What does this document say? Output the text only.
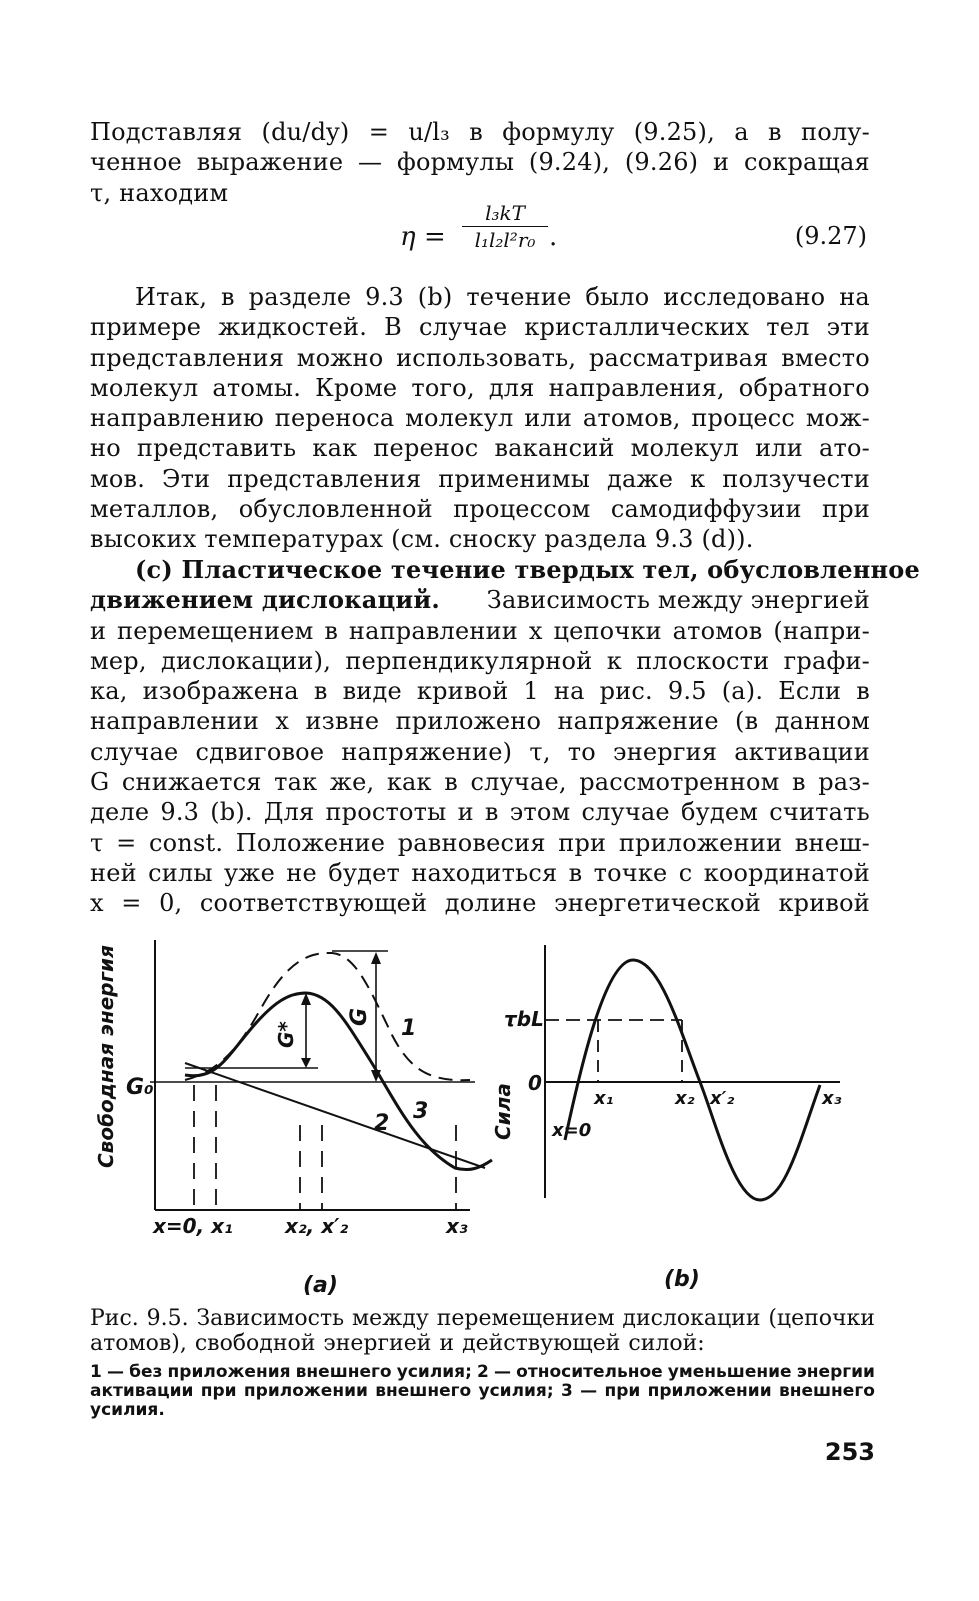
Подставляя (du/dy) = u/l₃ в формулу (9.25), а в полу-
ченное выражение — формулы (9.24), (9.26) и сокращая
τ, находим
$\eta = \frac{\text{l₃kT}}{\text{l₁l₂l²r₀}}$ .	(9.27)
Итак, в разделе 9.3 (b) течение было исследовано на
примере жидкостей. В случае кристаллических тел эти
представления можно использовать, рассматривая вместо
молекул атомы. Кроме того, для направления, обратного
направлению переноса молекул или атомов, процесс мож-
но представить как перенос вакансий молекул или ато-
мов. Эти представления применимы даже к ползучести
металлов, обусловленной процессом самодиффузии при
высоких температурах (см. сноску раздела 9.3 (d)).
(с) Пластическое течение твердых тел, обусловленное
движением дислокаций. Зависимость между энергией
и перемещением в направлении x цепочки атомов (напри-
мер, дислокации), перпендикулярной к плоскости графи-
ка, изображена в виде кривой 1 на рис. 9.5 (а). Если в
направлении x извне приложено напряжение (в данном
случае сдвиговое напряжение) τ, то энергия активации
G снижается так же, как в случае, рассмотренном в раз-
деле 9.3 (b). Для простоты и в этом случае будем считать
τ = const. Положение равновесия при приложении внеш-
ней силы уже не будет находиться в точке с координатой
x = 0, соответствующей долине энергетической кривой
Свободная энергия G₀
G*
G 1
2 3
x=0, x₁	x₂, x′₂	x₃
(a)
Сила
τbL
0
x₁	x₂ x′₂	x₃
x=0
(b)
Рис. 9.5. Зависимость между перемещением дислокации (цепочки
атомов), свободной энергией и действующей силой:
1 — без приложения внешнего усилия; 2 — относительное уменьшение энергии
активации при приложении внешнего усилия; 3 — при приложении внешнего
усилия.
253
